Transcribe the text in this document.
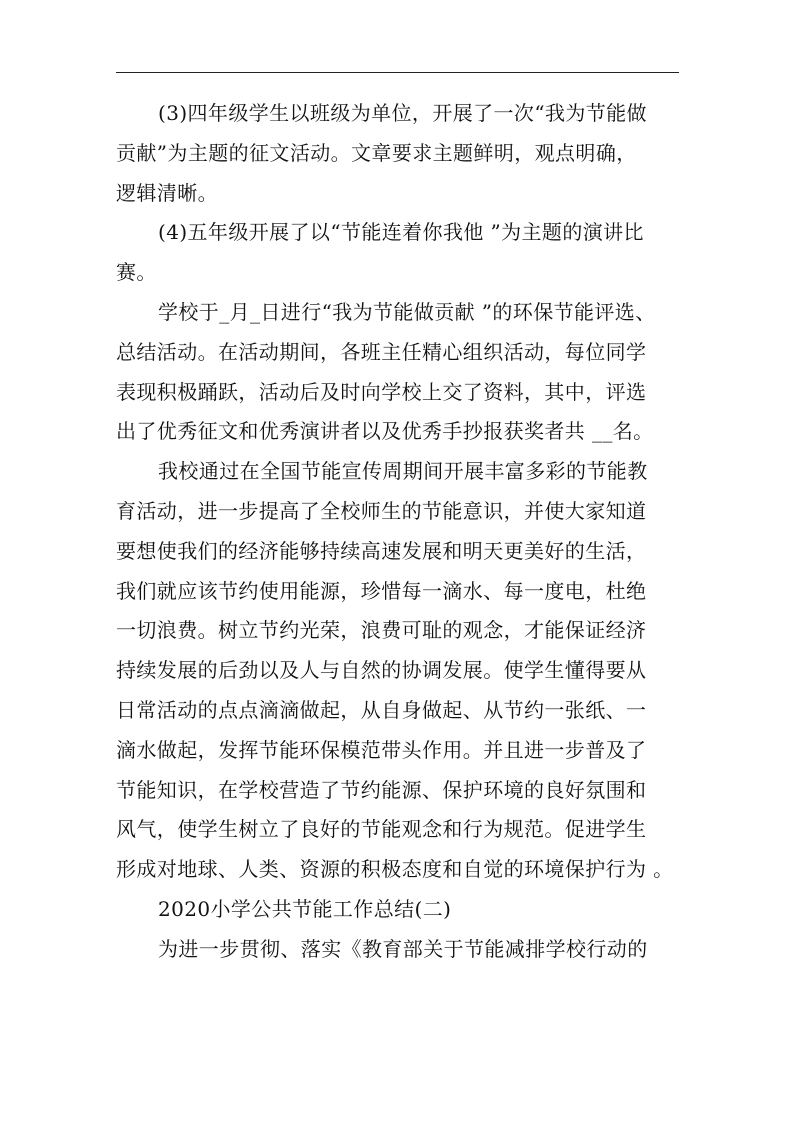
(3)四年级学生以班级为单位，开展了一次“我为节能做
贡献”为主题的征文活动。文章要求主题鲜明，观点明确，
逻辑清晰。
(4)五年级开展了以“节能连着你我他 ”为主题的演讲比
赛。
学校于_月_日进行“我为节能做贡献 ”的环保节能评选、
总结活动。在活动期间，各班主任精心组织活动，每位同学
表现积极踊跃，活动后及时向学校上交了资料，其中，评选
出了优秀征文和优秀演讲者以及优秀手抄报获奖者共 __名。
我校通过在全国节能宣传周期间开展丰富多彩的节能教
育活动，进一步提高了全校师生的节能意识，并使大家知道
要想使我们的经济能够持续高速发展和明天更美好的生活，
我们就应该节约使用能源，珍惜每一滴水、每一度电，杜绝
一切浪费。树立节约光荣，浪费可耻的观念，才能保证经济
持续发展的后劲以及人与自然的协调发展。使学生懂得要从
日常活动的点点滴滴做起，从自身做起、从节约一张纸、一
滴水做起，发挥节能环保模范带头作用。并且进一步普及了
节能知识，在学校营造了节约能源、保护环境的良好氛围和
风气，使学生树立了良好的节能观念和行为规范。促进学生
形成对地球、人类、资源的积极态度和自觉的环境保护行为 。
2020小学公共节能工作总结(二)
为进一步贯彻、落实《教育部关于节能减排学校行动的
